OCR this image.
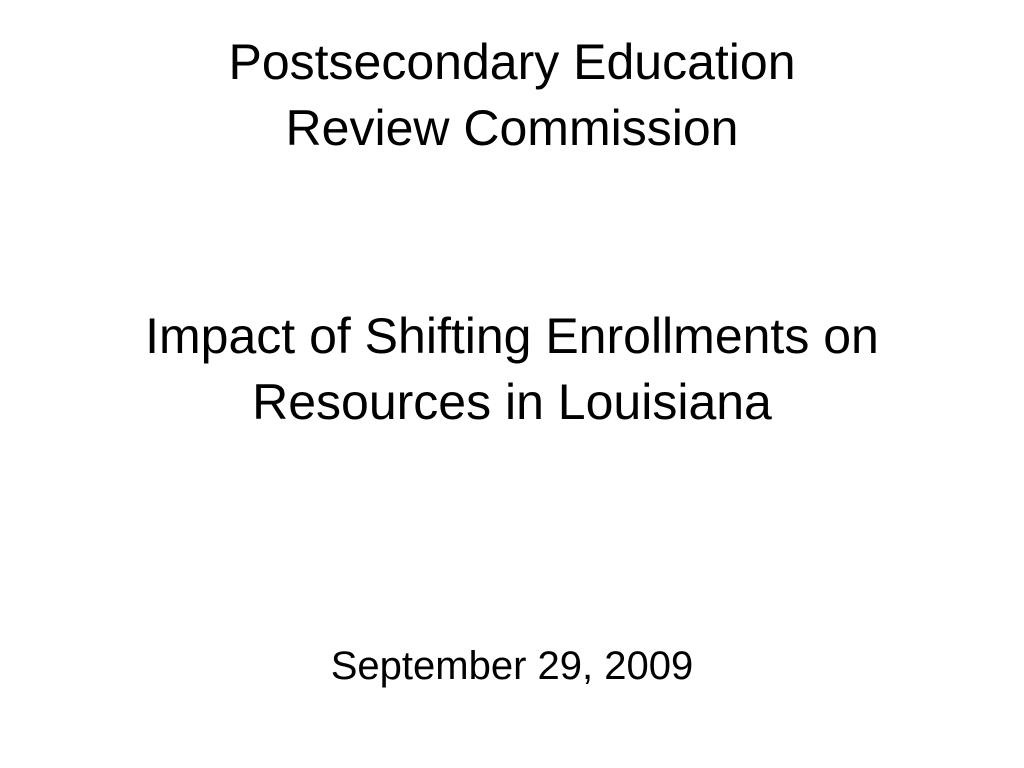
Postsecondary Education
Review Commission
Impact of Shifting Enrollments on
Resources in Louisiana
September 29, 2009
